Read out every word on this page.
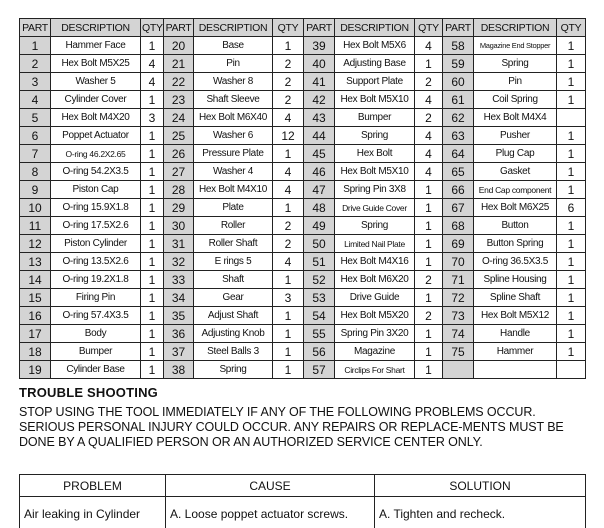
PART	DESCRIPTION	QTY	PART	DESCRIPTION	QTY	PART	DESCRIPTION	QTY	PART	DESCRIPTION	QTY
1	Hammer Face	1	20	Base	1	39	Hex Bolt M5X6	4	58	Magazine End Stopper	1
2	Hex Bolt M5X25	4	21	Pin	2	40	Adjusting Base	1	59	Spring	1
3	Washer 5	4	22	Washer 8	2	41	Support Plate	2	60	Pin	1
4	Cylinder Cover	1	23	Shaft Sleeve	2	42	Hex Bolt M5X10	4	61	Coil Spring	1
5	Hex Bolt M4X20	3	24	Hex Bolt M6X40	4	43	Bumper	2	62	Hex Bolt M4X4	
6	Poppet Actuator	1	25	Washer 6	12	44	Spring	4	63	Pusher	1
7	O-ring 46.2X2.65	1	26	Pressure Plate	1	45	Hex Bolt	4	64	Plug Cap	1
8	O-ring 54.2X3.5	1	27	Washer 4	4	46	Hex Bolt M5X10	4	65	Gasket	1
9	Piston Cap	1	28	Hex Bolt M4X10	4	47	Spring Pin 3X8	1	66	End Cap component	1
10	O-ring 15.9X1.8	1	29	Plate	1	48	Drive Guide Cover	1	67	Hex Bolt M6X25	6
11	O-ring 17.5X2.6	1	30	Roller	2	49	Spring	1	68	Button	1
12	Piston Cylinder	1	31	Roller Shaft	2	50	Limited Nail Plate	1	69	Button Spring	1
13	O-ring 13.5X2.6	1	32	E rings 5	4	51	Hex Bolt M4X16	1	70	O-ring 36.5X3.5	1
14	O-ring 19.2X1.8	1	33	Shaft	1	52	Hex Bolt M6X20	2	71	Spline Housing	1
15	Firing Pin	1	34	Gear	3	53	Drive Guide	1	72	Spline Shaft	1
16	O-ring 57.4X3.5	1	35	Adjust Shaft	1	54	Hex Bolt M5X20	2	73	Hex Bolt M5X12	1
17	Body	1	36	Adjusting Knob	1	55	Spring Pin 3X20	1	74	Handle	1
18	Bumper	1	37	Steel Balls 3	1	56	Magazine	1	75	Hammer	1
19	Cylinder Base	1	38	Spring	1	57	Circlips For Shart	1			
TROUBLE SHOOTING
STOP USING THE TOOL IMMEDIATELY IF ANY OF THE FOLLOWING PROBLEMS OCCUR. SERIOUS PERSONAL INJURY COULD OCCUR. ANY REPAIRS OR REPLACE-MENTS MUST BE DONE BY A QUALIFIED PERSON OR AN AUTHORIZED SERVICE CENTER ONLY.
PROBLEM	CAUSE	SOLUTION
Air leaking in Cylinder	A. Loose poppet actuator screws.	A. Tighten and recheck.
